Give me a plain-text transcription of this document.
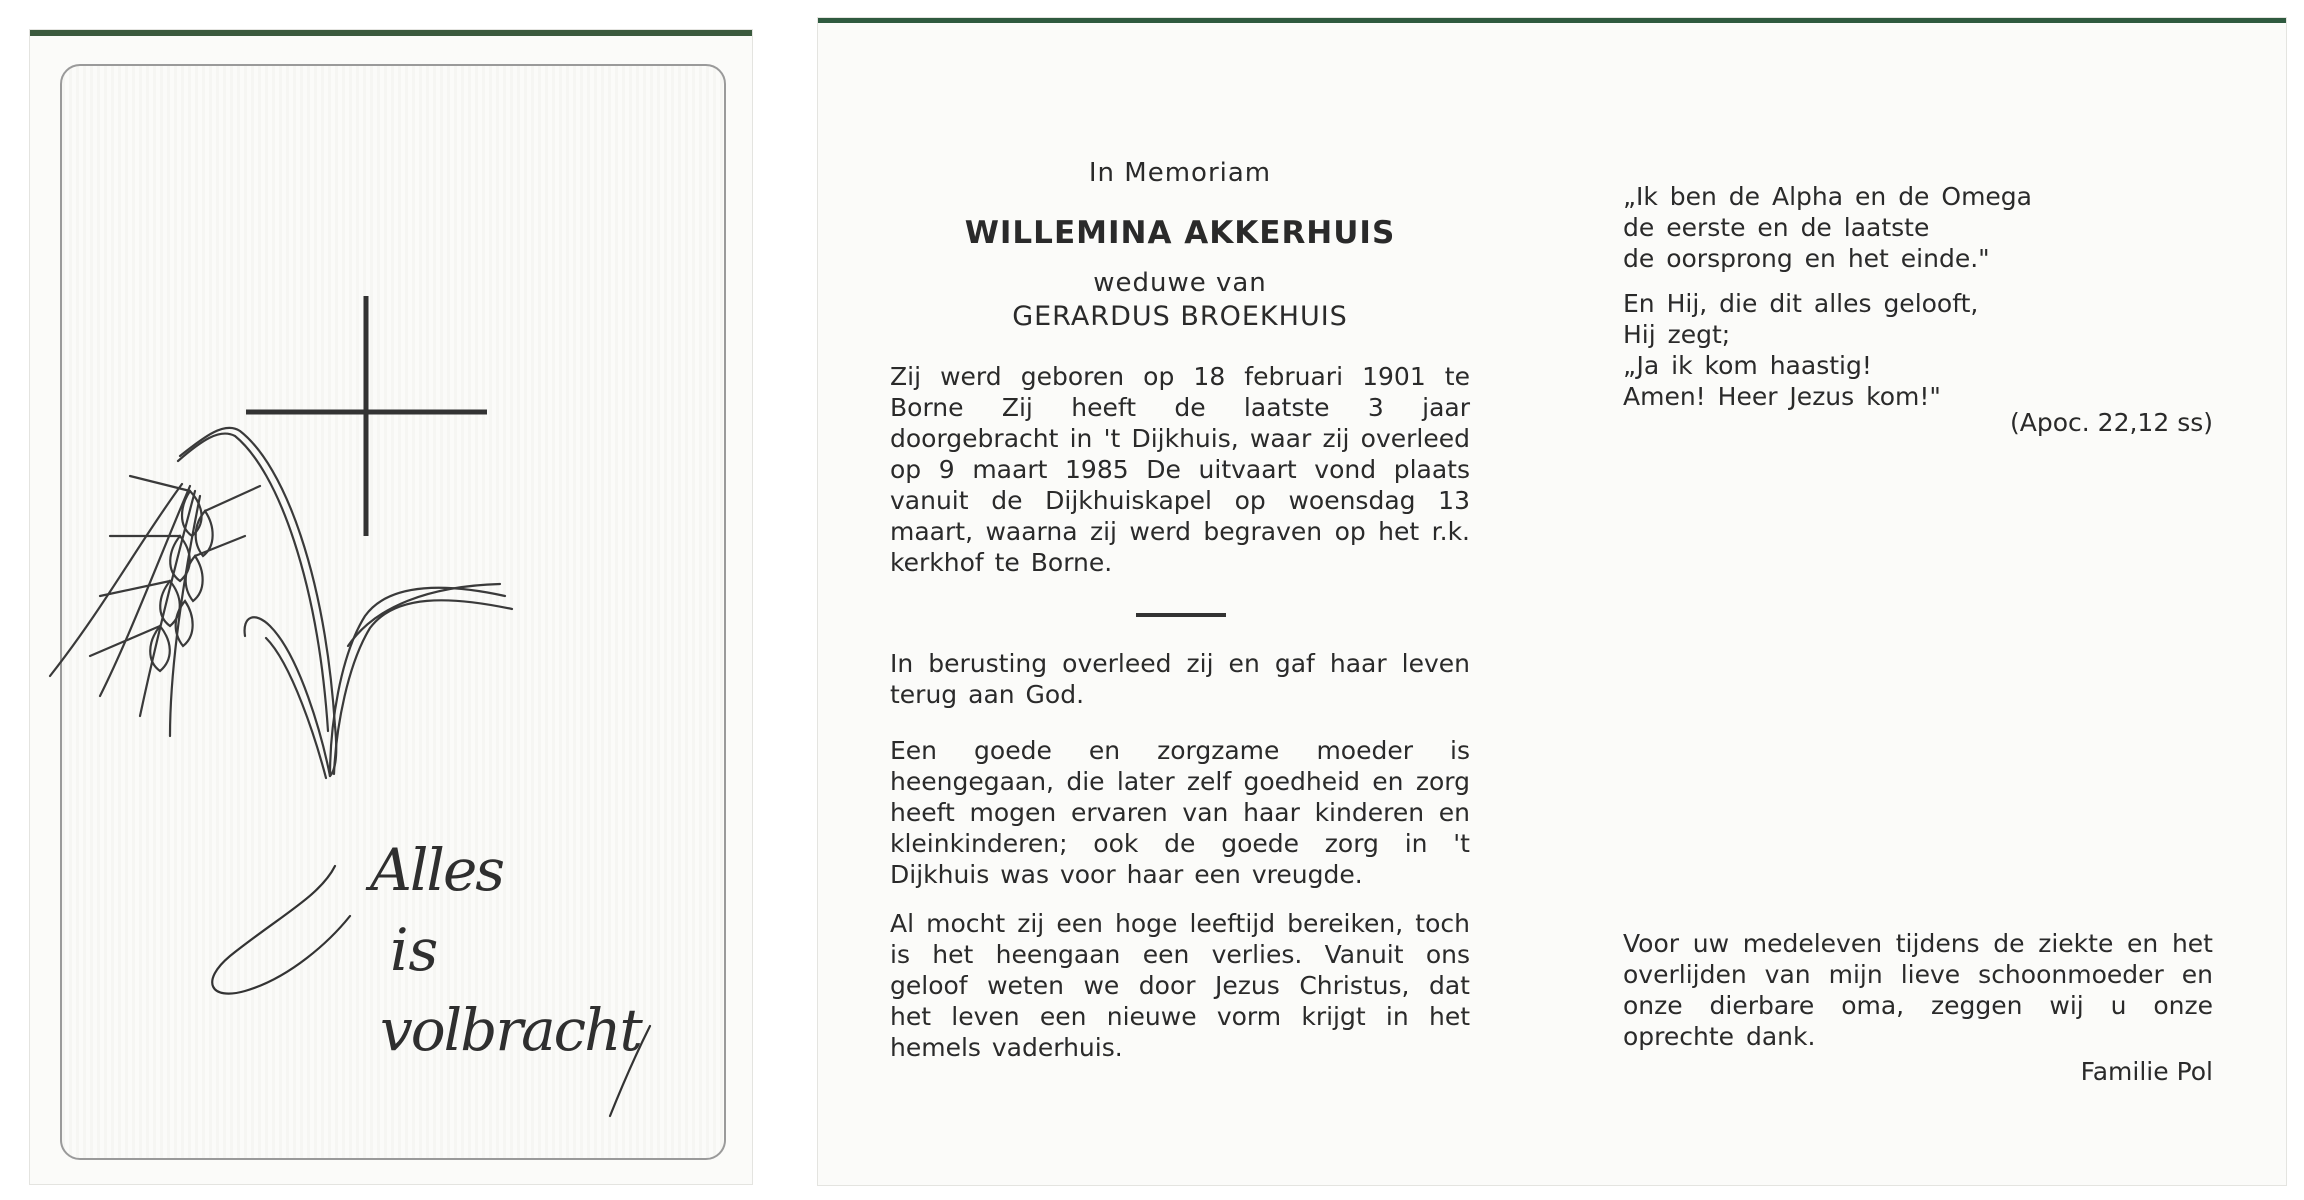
Alles
is
volbracht
In Memoriam
WILLEMINA AKKERHUIS
weduwe van
GERARDUS BROEKHUIS
Zij werd geboren op 18 februari 1901 te Borne Zij heeft de laatste 3 jaar doorgebracht in 't Dijkhuis, waar zij overleed op 9 maart 1985 De uitvaart vond plaats vanuit de Dijkhuiskapel op woensdag 13 maart, waarna zij werd begraven op het r.k. kerkhof te Borne.
In berusting overleed zij en gaf haar leven terug aan God.
Een goede en zorgzame moeder is heengegaan, die later zelf goedheid en zorg heeft mogen ervaren van haar kinderen en kleinkinderen; ook de goede zorg in 't Dijkhuis was voor haar een vreugde.
Al mocht zij een hoge leeftijd bereiken, toch is het heengaan een verlies. Vanuit ons geloof weten we door Jezus Christus, dat het leven een nieuwe vorm krijgt in het hemels vaderhuis.
„Ik ben de Alpha en de Omega
de eerste en de laatste
de oorsprong en het einde."
En Hij, die dit alles gelooft,
Hij zegt;
„Ja ik kom haastig!
Amen! Heer Jezus kom!"
(Apoc. 22,12 ss)
Voor uw medeleven tijdens de ziekte en het overlijden van mijn lieve schoonmoeder en onze dierbare oma, zeggen wij u onze oprechte dank.
Familie Pol
